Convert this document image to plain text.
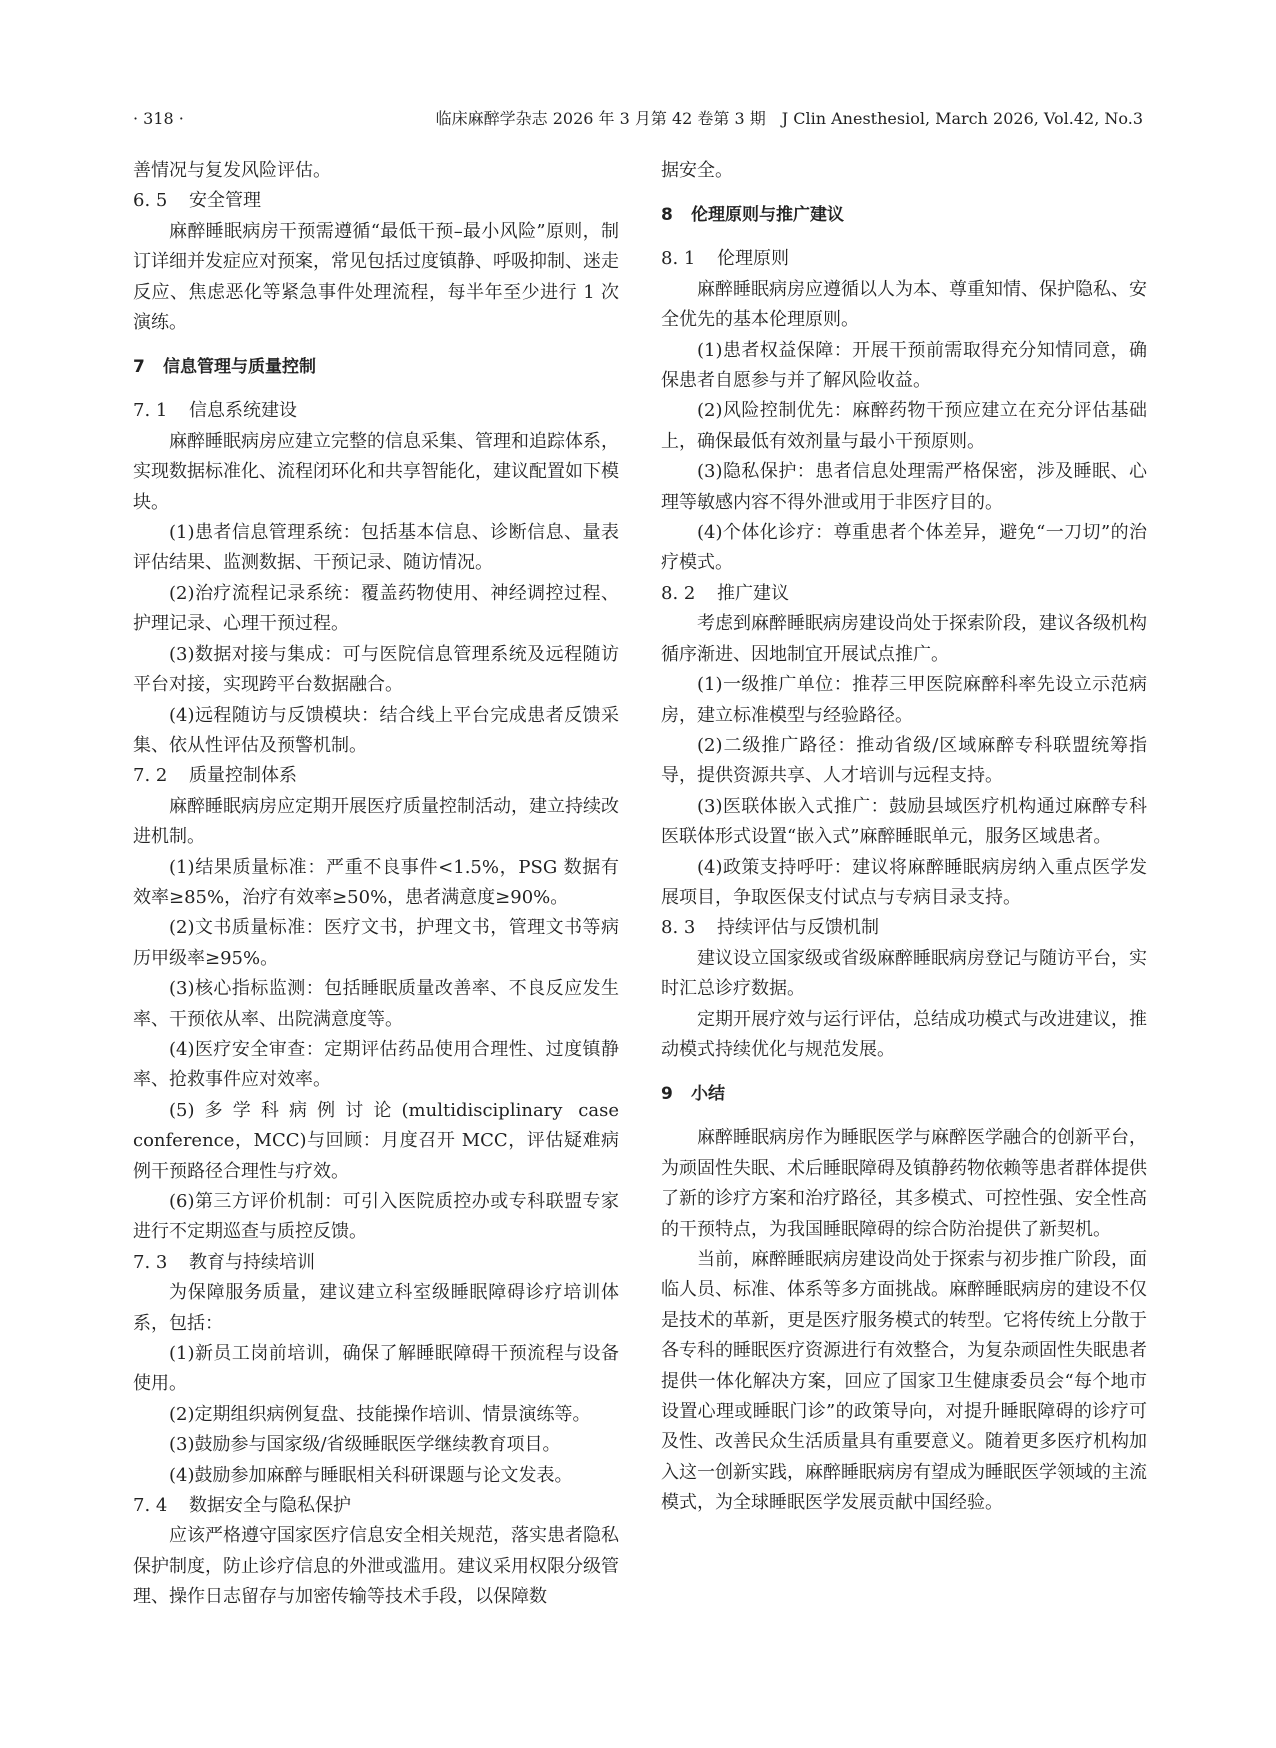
· 318 ·	临床麻醉学杂志 2026 年 3 月第 42 卷第 3 期　J Clin Anesthesiol, March 2026, Vol.42, No.3

善情况与复发风险评估。

6. 5 安全管理

麻醉睡眠病房干预需遵循“最低干预–最小风险”原则，制订详细并发症应对预案，常见包括过度镇静、呼吸抑制、迷走反应、焦虑恶化等紧急事件处理流程，每半年至少进行 1 次演练。

7 信息管理与质量控制

7. 1 信息系统建设

麻醉睡眠病房应建立完整的信息采集、管理和追踪体系，实现数据标准化、流程闭环化和共享智能化，建议配置如下模块。

(1)患者信息管理系统：包括基本信息、诊断信息、量表评估结果、监测数据、干预记录、随访情况。

(2)治疗流程记录系统：覆盖药物使用、神经调控过程、护理记录、心理干预过程。

(3)数据对接与集成：可与医院信息管理系统及远程随访平台对接，实现跨平台数据融合。

(4)远程随访与反馈模块：结合线上平台完成患者反馈采集、依从性评估及预警机制。

7. 2 质量控制体系

麻醉睡眠病房应定期开展医疗质量控制活动，建立持续改进机制。

(1)结果质量标准：严重不良事件<1.5%，PSG 数据有效率≥85%，治疗有效率≥50%，患者满意度≥90%。

(2)文书质量标准：医疗文书，护理文书，管理文书等病历甲级率≥95%。

(3)核心指标监测：包括睡眠质量改善率、不良反应发生率、干预依从率、出院满意度等。

(4)医疗安全审查：定期评估药品使用合理性、过度镇静率、抢救事件应对效率。

(5)多学科病例讨论(multidisciplinary case conference，MCC)与回顾：月度召开 MCC，评估疑难病例干预路径合理性与疗效。

(6)第三方评价机制：可引入医院质控办或专科联盟专家进行不定期巡查与质控反馈。

7. 3 教育与持续培训

为保障服务质量，建议建立科室级睡眠障碍诊疗培训体系，包括：

(1)新员工岗前培训，确保了解睡眠障碍干预流程与设备使用。

(2)定期组织病例复盘、技能操作培训、情景演练等。

(3)鼓励参与国家级/省级睡眠医学继续教育项目。

(4)鼓励参加麻醉与睡眠相关科研课题与论文发表。

7. 4 数据安全与隐私保护

应该严格遵守国家医疗信息安全相关规范，落实患者隐私保护制度，防止诊疗信息的外泄或滥用。建议采用权限分级管理、操作日志留存与加密传输等技术手段，以保障数

据安全。

8 伦理原则与推广建议

8. 1 伦理原则

麻醉睡眠病房应遵循以人为本、尊重知情、保护隐私、安全优先的基本伦理原则。

(1)患者权益保障：开展干预前需取得充分知情同意，确保患者自愿参与并了解风险收益。

(2)风险控制优先：麻醉药物干预应建立在充分评估基础上，确保最低有效剂量与最小干预原则。

(3)隐私保护：患者信息处理需严格保密，涉及睡眠、心理等敏感内容不得外泄或用于非医疗目的。

(4)个体化诊疗：尊重患者个体差异，避免“一刀切”的治疗模式。

8. 2 推广建议

考虑到麻醉睡眠病房建设尚处于探索阶段，建议各级机构循序渐进、因地制宜开展试点推广。

(1)一级推广单位：推荐三甲医院麻醉科率先设立示范病房，建立标准模型与经验路径。

(2)二级推广路径：推动省级/区域麻醉专科联盟统筹指导，提供资源共享、人才培训与远程支持。

(3)医联体嵌入式推广：鼓励县域医疗机构通过麻醉专科医联体形式设置“嵌入式”麻醉睡眠单元，服务区域患者。

(4)政策支持呼吁：建议将麻醉睡眠病房纳入重点医学发展项目，争取医保支付试点与专病目录支持。

8. 3 持续评估与反馈机制

建议设立国家级或省级麻醉睡眠病房登记与随访平台，实时汇总诊疗数据。

定期开展疗效与运行评估，总结成功模式与改进建议，推动模式持续优化与规范发展。

9 小结

麻醉睡眠病房作为睡眠医学与麻醉医学融合的创新平台，为顽固性失眠、术后睡眠障碍及镇静药物依赖等患者群体提供了新的诊疗方案和治疗路径，其多模式、可控性强、安全性高的干预特点，为我国睡眠障碍的综合防治提供了新契机。

当前，麻醉睡眠病房建设尚处于探索与初步推广阶段，面临人员、标准、体系等多方面挑战。麻醉睡眠病房的建设不仅是技术的革新，更是医疗服务模式的转型。它将传统上分散于各专科的睡眠医疗资源进行有效整合，为复杂顽固性失眠患者提供一体化解决方案，回应了国家卫生健康委员会“每个地市设置心理或睡眠门诊”的政策导向，对提升睡眠障碍的诊疗可及性、改善民众生活质量具有重要意义。随着更多医疗机构加入这一创新实践，麻醉睡眠病房有望成为睡眠医学领域的主流模式，为全球睡眠医学发展贡献中国经验。
